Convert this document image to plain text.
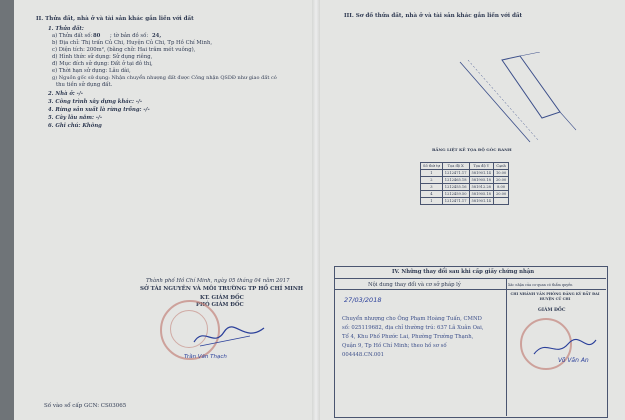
II. Thửa đất, nhà ở và tài sản khác gắn liền với đất
1. Thửa đất:
a) Thửa đất số: 80 ; tờ bản đồ số: 24,
b) Địa chỉ: Thị trấn Củ Chi, Huyện Củ Chi, Tp Hồ Chí Minh,
c) Diện tích: 200m², (bằng chữ: Hai trăm mét vuông),
d) Hình thức sử dụng: Sử dụng riêng,
đ) Mục đích sử dụng: Đất ở tại đô thị,
e) Thời hạn sử dụng: Lâu dài,
g) Nguồn gốc sử dụng: Nhận chuyển nhượng đất được Công nhận QSDĐ như giao đất có
thu tiền sử dụng đất.
2. Nhà ở: -/-
3. Công trình xây dựng khác: -/-
4. Rừng sản xuất là rừng trồng: -/-
5. Cây lâu năm: -/-
6. Ghi chú: Không
Thành phố Hồ Chí Minh, ngày 05 tháng 04 năm 2017
SỞ TÀI NGUYÊN VÀ MÔI TRƯỜNG TP HỒ CHÍ MINH
KT. GIÁM ĐỐC
PHÓ GIÁM ĐỐC
Trần Văn Thạch
Số vào sổ cấp GCN: CS03065
III. Sơ đồ thửa đất, nhà ở và tài sản khác gắn liền với đất
BẢNG LIỆT KÊ TỌA ĐỘ GÓC RANH
Số thứ tự	Tọa độ X	Tọa độ Y	Cạnh
1	1212471.17	581901.14	10.00
2	1212465.18	581905.18	20.00
3	1212455.16	581912.28	8.00
4	1212459.50	581905.18	20.00
1	1212471.17	581901.14	
IV. Những thay đổi sau khi cấp giấy chứng nhận
Nội dung thay đổi và cơ sở pháp lý	Xác nhận của cơ quan có thẩm quyền
27/03/2018
Chuyển nhượng cho Ông Phạm Hoàng Tuấn, CMND
số: 025119682, địa chỉ thường trú: 637 Lã Xuân Oai,
Tổ 4, Khu Phố Phước Lai, Phường Trường Thạnh,
Quận 9, Tp Hồ Chí Minh; theo hồ sơ số
004448.CN.001
CHI NHÁNH VĂN PHÒNG ĐĂNG KÝ ĐẤT ĐAI HUYỆN CỦ CHI
GIÁM ĐỐC
Võ Văn An
